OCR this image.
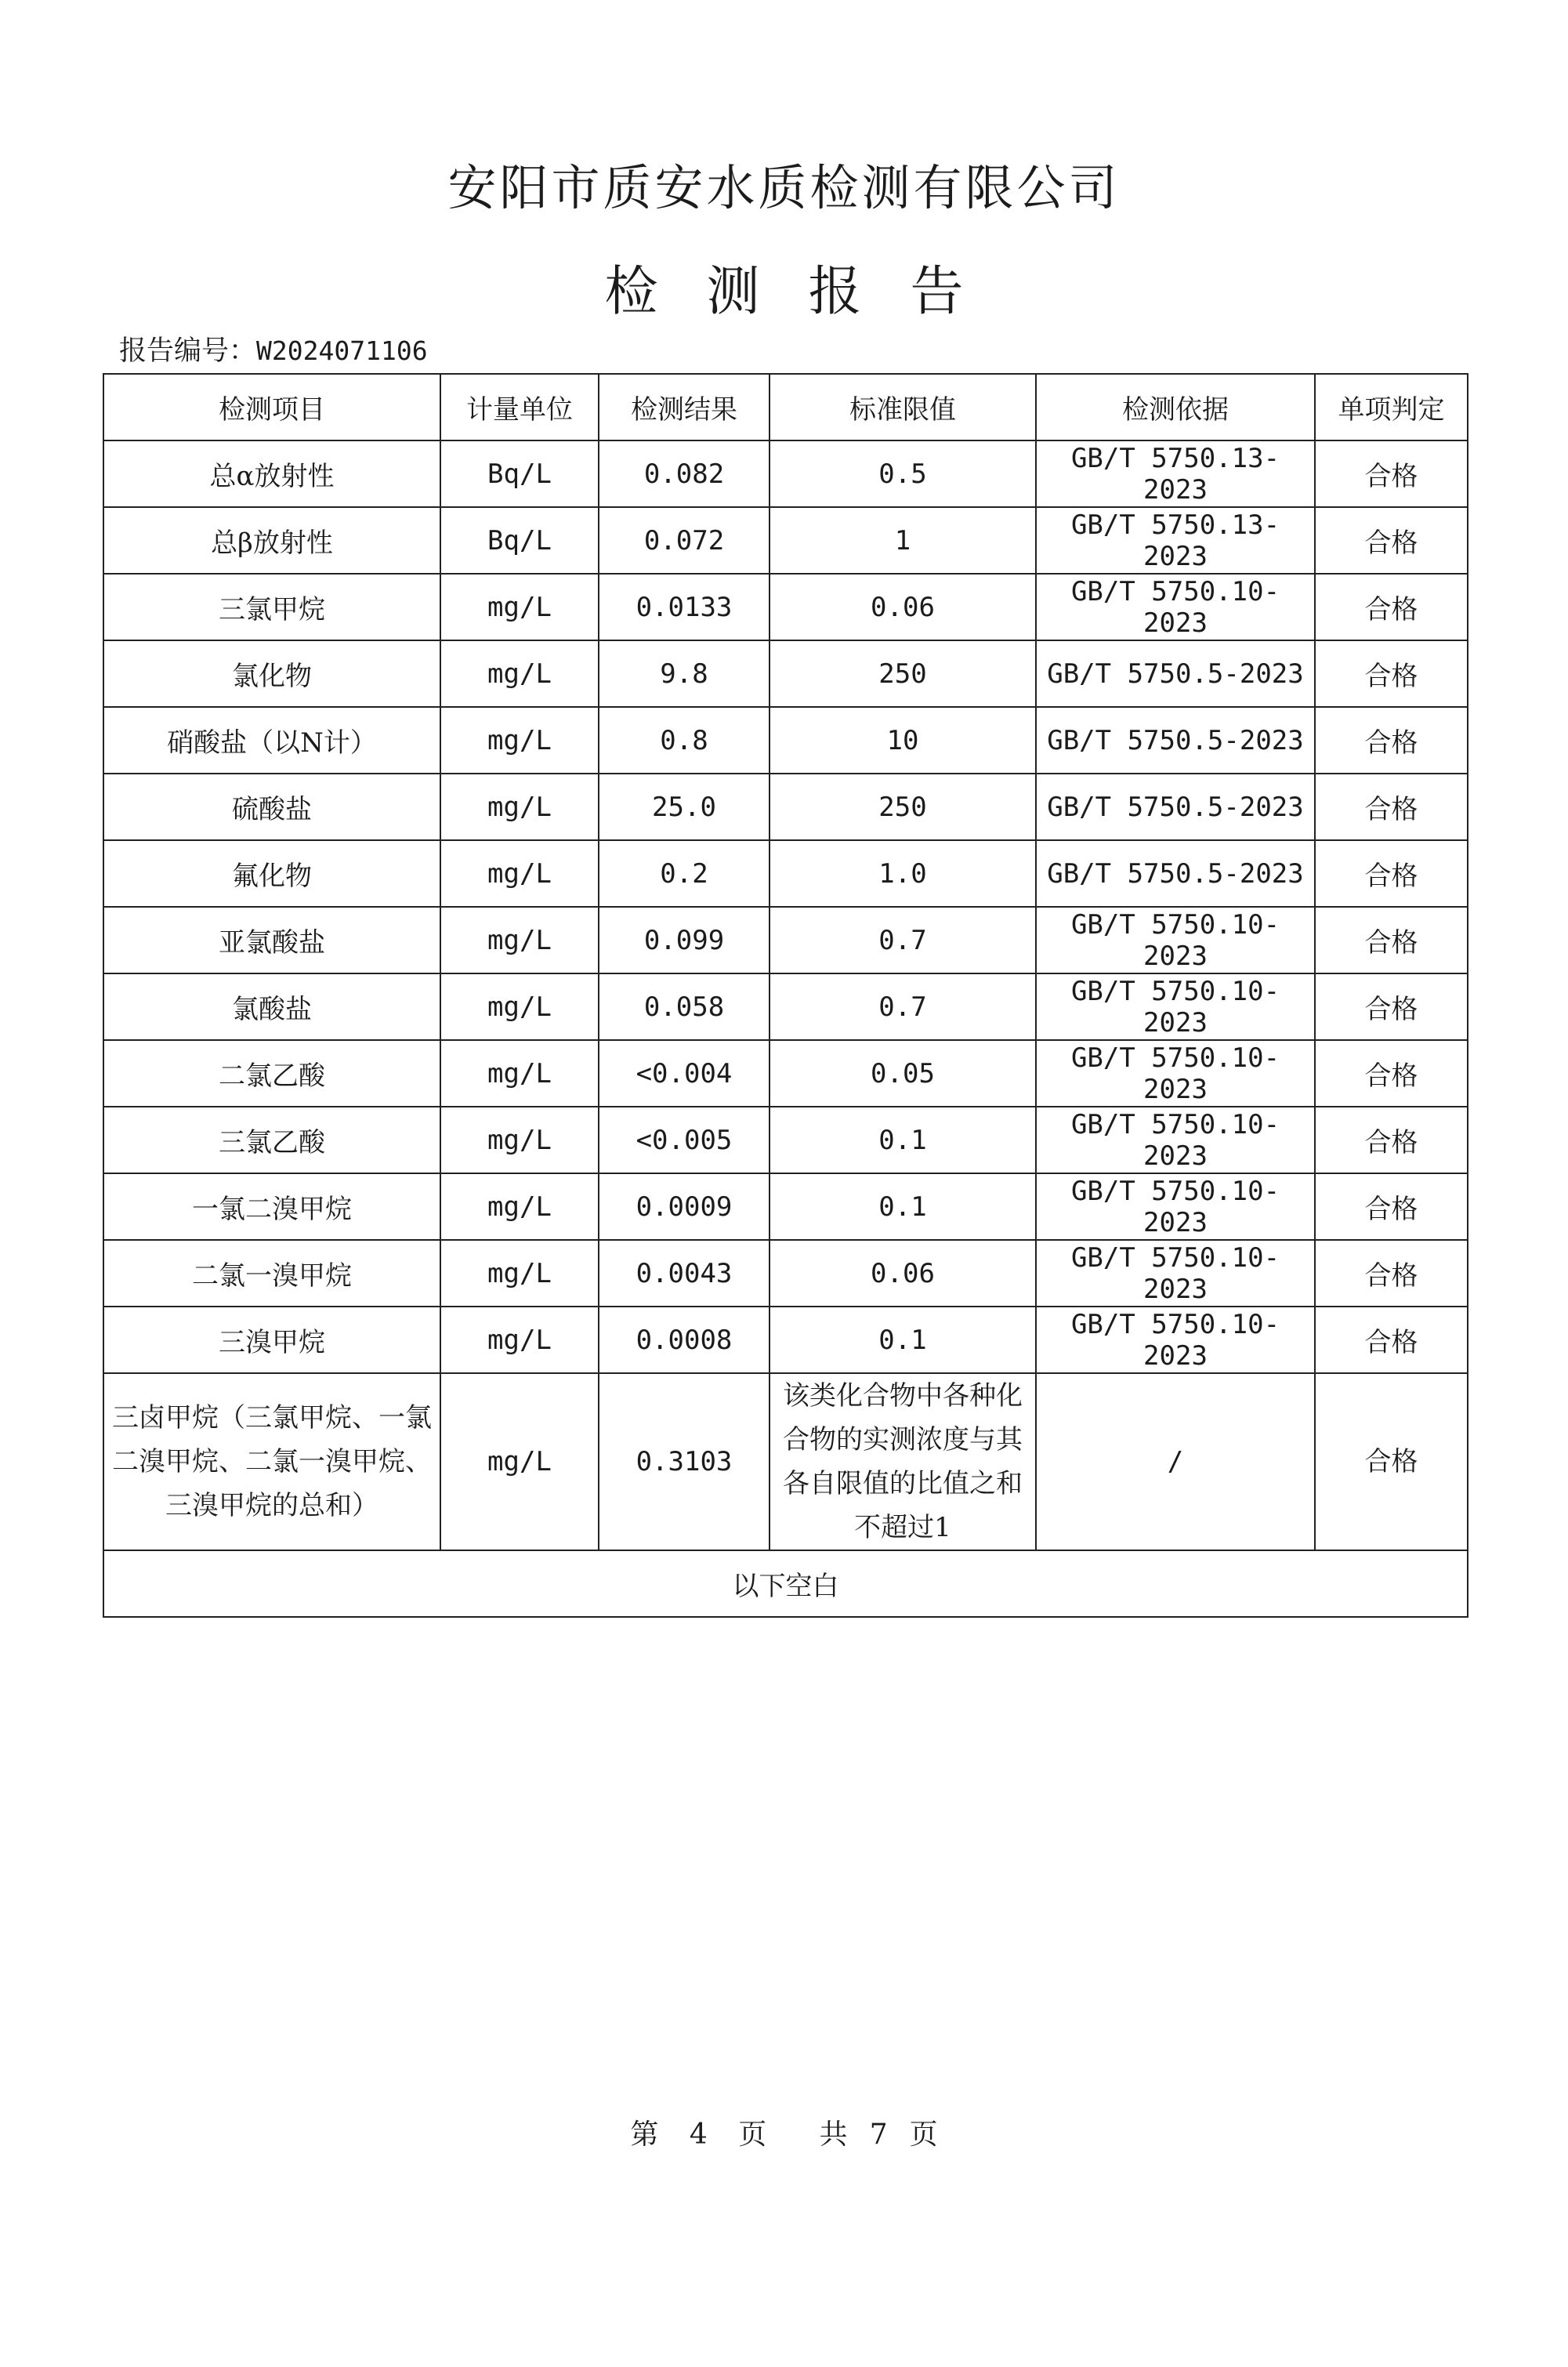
安阳市质安水质检测有限公司
检测报告
报告编号：W2024071106
检测项目	计量单位	检测结果	标准限值	检测依据	单项判定
总α放射性	Bq/L	0.082	0.5	GB/T 5750.13-2023	合格
总β放射性	Bq/L	0.072	1	GB/T 5750.13-2023	合格
三氯甲烷	mg/L	0.0133	0.06	GB/T 5750.10-2023	合格
氯化物	mg/L	9.8	250	GB/T 5750.5-2023	合格
硝酸盐（以N计）	mg/L	0.8	10	GB/T 5750.5-2023	合格
硫酸盐	mg/L	25.0	250	GB/T 5750.5-2023	合格
氟化物	mg/L	0.2	1.0	GB/T 5750.5-2023	合格
亚氯酸盐	mg/L	0.099	0.7	GB/T 5750.10-2023	合格
氯酸盐	mg/L	0.058	0.7	GB/T 5750.10-2023	合格
二氯乙酸	mg/L	<0.004	0.05	GB/T 5750.10-2023	合格
三氯乙酸	mg/L	<0.005	0.1	GB/T 5750.10-2023	合格
一氯二溴甲烷	mg/L	0.0009	0.1	GB/T 5750.10-2023	合格
二氯一溴甲烷	mg/L	0.0043	0.06	GB/T 5750.10-2023	合格
三溴甲烷	mg/L	0.0008	0.1	GB/T 5750.10-2023	合格
三卤甲烷（三氯甲烷、一氯二溴甲烷、二氯一溴甲烷、三溴甲烷的总和）	mg/L	0.3103	该类化合物中各种化合物的实测浓度与其各自限值的比值之和不超过1	/	合格
以下空白					
第 4 页 共 7 页
